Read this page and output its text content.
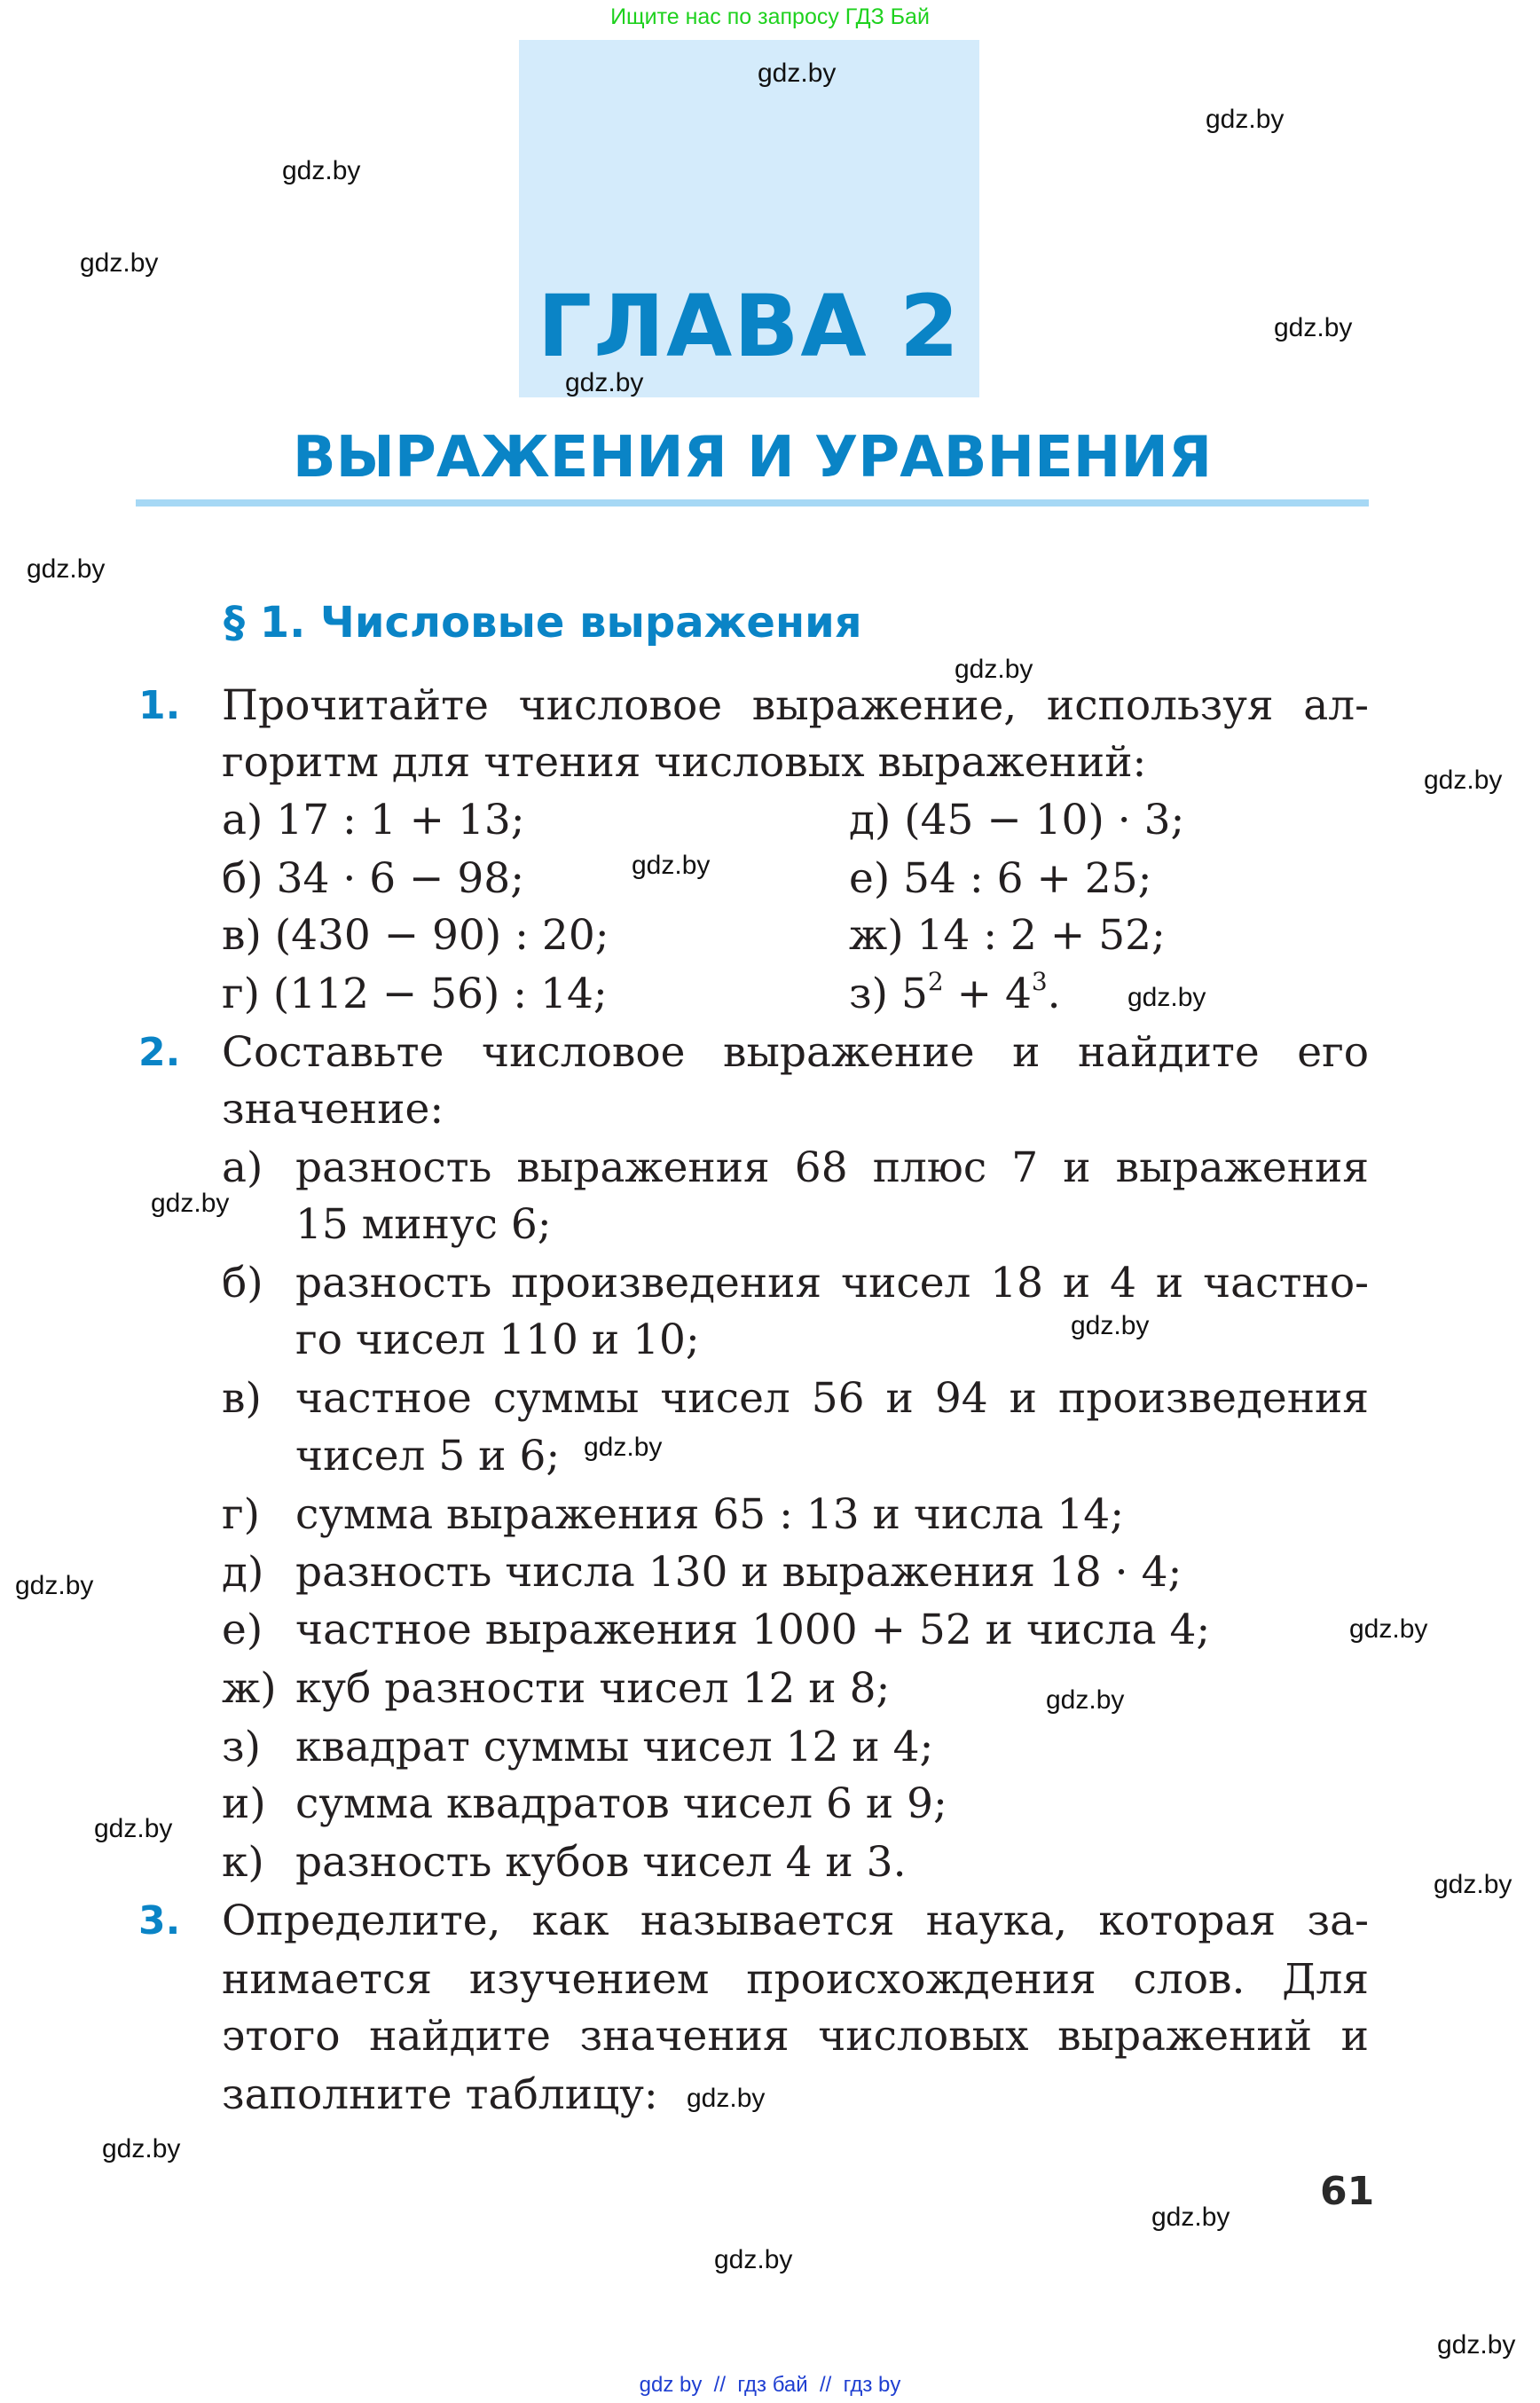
Ищите нас по запросу ГДЗ Бай
ГЛАВА 2
ВЫРАЖЕНИЯ И УРАВНЕНИЯ
§ 1. Числовые выражения
1. Прочитайте числовое выражение, используя ал-
горитм для чтения числовых выражений:
а) 17 : 1 + 13;
б) 34 · 6 − 98;
в) (430 − 90) : 20;
г) (112 − 56) : 14;
д) (45 − 10) · 3;
е) 54 : 6 + 25;
ж) 14 : 2 + 52;
з) $5^2 + 4^3$.
2. Составьте числовое выражение и найдите его
значение:
а) разность выражения 68 плюс 7 и выражения
15 минус 6;
б) разность произведения чисел 18 и 4 и частно-
го чисел 110 и 10;
в) частное суммы чисел 56 и 94 и произведения
чисел 5 и 6;
г) сумма выражения 65 : 13 и числа 14;
д) разность числа 130 и выражения 18 · 4;
е) частное выражения 1000 + 52 и числа 4;
ж) куб разности чисел 12 и 8;
з) квадрат суммы чисел 12 и 4;
и) сумма квадратов чисел 6 и 9;
к) разность кубов чисел 4 и 3.
3. Определите, как называется наука, которая за-
нимается изучением происхождения слов. Для
этого найдите значения числовых выражений и
заполните таблицу:
61
gdz.by
gdz.by
gdz.by
gdz.by
gdz.by
gdz.by
gdz.by
gdz.by
gdz.by
gdz.by
gdz.by
gdz.by
gdz.by
gdz.by
gdz.by
gdz.by
gdz.by
gdz.by
gdz.by
gdz.by
gdz.by
gdz.by
gdz.by
gdz.by
gdz by  //  гдз бай  //  гдз by
